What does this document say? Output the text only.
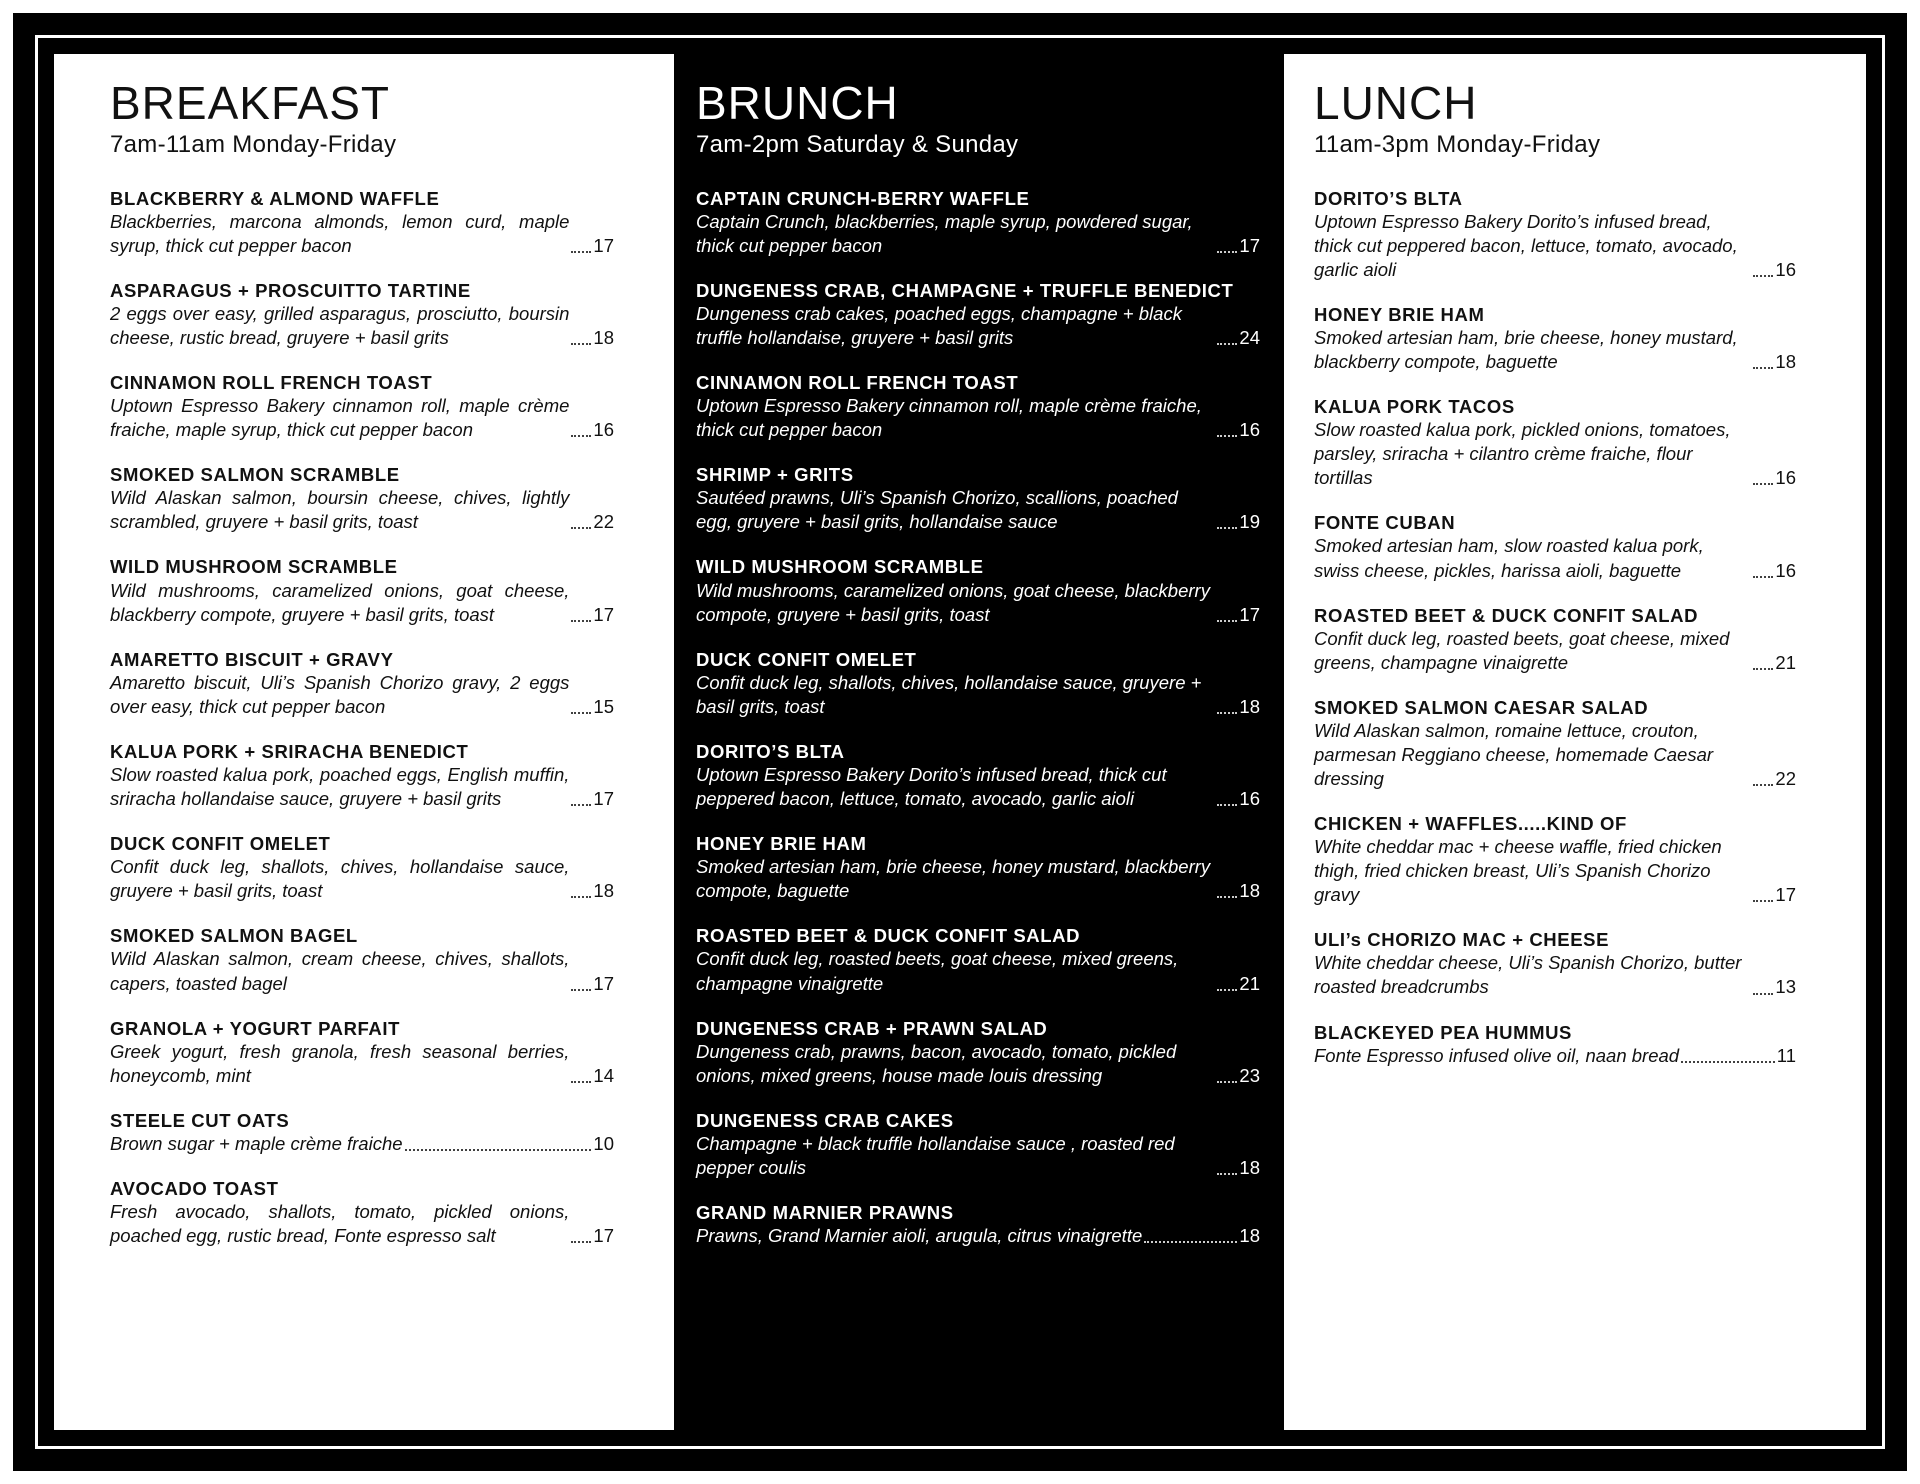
BREAKFAST
7am-11am Monday-Friday
BLACKBERRY & ALMOND WAFFLE
Blackberries, marcona almonds, lemon curd, maple syrup, thick cut pepper bacon	17
ASPARAGUS + PROSCUITTO TARTINE
2 eggs over easy, grilled asparagus, prosciutto, boursin cheese, rustic bread, gruyere + basil grits	18
CINNAMON ROLL FRENCH TOAST
Uptown Espresso Bakery cinnamon roll, maple crème fraiche, maple syrup, thick cut pepper bacon	16
SMOKED SALMON SCRAMBLE
Wild Alaskan salmon, boursin cheese, chives, lightly scrambled, gruyere + basil grits, toast	22
WILD MUSHROOM SCRAMBLE
Wild mushrooms, caramelized onions, goat cheese, blackberry compote, gruyere + basil grits, toast	17
AMARETTO BISCUIT + GRAVY
Amaretto biscuit, Uli’s Spanish Chorizo gravy, 2 eggs over easy, thick cut pepper bacon	15
KALUA PORK + SRIRACHA BENEDICT
Slow roasted kalua pork, poached eggs, English muffin, sriracha hollandaise sauce, gruyere + basil grits	17
DUCK CONFIT OMELET
Confit duck leg, shallots, chives, hollandaise sauce, gruyere + basil grits, toast	18
SMOKED SALMON BAGEL
Wild Alaskan salmon, cream cheese, chives, shallots, capers, toasted bagel	17
GRANOLA + YOGURT PARFAIT
Greek yogurt, fresh granola, fresh seasonal berries, honeycomb, mint	14
STEELE CUT OATS
Brown sugar + maple crème fraiche	10
AVOCADO TOAST
Fresh avocado, shallots, tomato, pickled onions, poached egg, rustic bread, Fonte espresso salt	17
BRUNCH
7am-2pm Saturday & Sunday
CAPTAIN CRUNCH-BERRY WAFFLE
Captain Crunch, blackberries, maple syrup, powdered sugar, thick cut pepper bacon	17
DUNGENESS CRAB, CHAMPAGNE + TRUFFLE BENEDICT
Dungeness crab cakes, poached eggs, champagne + black truffle hollandaise, gruyere + basil grits	24
CINNAMON ROLL FRENCH TOAST
Uptown Espresso Bakery cinnamon roll, maple crème fraiche, thick cut pepper bacon	16
SHRIMP + GRITS
Sautéed prawns, Uli’s Spanish Chorizo, scallions, poached egg, gruyere + basil grits, hollandaise sauce	19
WILD MUSHROOM SCRAMBLE
Wild mushrooms, caramelized onions, goat cheese, blackberry compote, gruyere + basil grits, toast	17
DUCK CONFIT OMELET
Confit duck leg, shallots, chives, hollandaise sauce, gruyere + basil grits, toast	18
DORITO’S BLTA
Uptown Espresso Bakery Dorito’s infused bread, thick cut peppered bacon, lettuce, tomato, avocado, garlic aioli	16
HONEY BRIE HAM
Smoked artesian ham, brie cheese, honey mustard, blackberry compote, baguette	18
ROASTED BEET & DUCK CONFIT SALAD
Confit duck leg, roasted beets, goat cheese, mixed greens, champagne vinaigrette	21
DUNGENESS CRAB + PRAWN SALAD
Dungeness crab, prawns, bacon, avocado, tomato, pickled onions, mixed greens, house made louis dressing	23
DUNGENESS CRAB CAKES
Champagne + black truffle hollandaise sauce , roasted red pepper coulis	18
GRAND MARNIER PRAWNS
Prawns, Grand Marnier aioli, arugula, citrus vinaigrette	18
LUNCH
11am-3pm Monday-Friday
DORITO’S BLTA
Uptown Espresso Bakery Dorito’s infused bread, thick cut peppered bacon, lettuce, tomato, avocado, garlic aioli	16
HONEY BRIE HAM
Smoked artesian ham, brie cheese, honey mustard, blackberry compote, baguette	18
KALUA PORK TACOS
Slow roasted kalua pork, pickled onions, tomatoes, parsley, sriracha + cilantro crème fraiche, flour tortillas	16
FONTE CUBAN
Smoked artesian ham, slow roasted kalua pork, swiss cheese, pickles, harissa aioli, baguette	16
ROASTED BEET & DUCK CONFIT SALAD
Confit duck leg, roasted beets, goat cheese, mixed greens, champagne vinaigrette	21
SMOKED SALMON CAESAR SALAD
Wild Alaskan salmon, romaine lettuce, crouton, parmesan Reggiano cheese, homemade Caesar dressing	22
CHICKEN + WAFFLES.....KIND OF
White cheddar mac + cheese waffle, fried chicken thigh, fried chicken breast, Uli’s Spanish Chorizo gravy	17
ULI’s CHORIZO MAC + CHEESE
White cheddar cheese, Uli’s Spanish Chorizo, butter roasted breadcrumbs	13
BLACKEYED PEA HUMMUS
Fonte Espresso infused olive oil, naan bread	11
